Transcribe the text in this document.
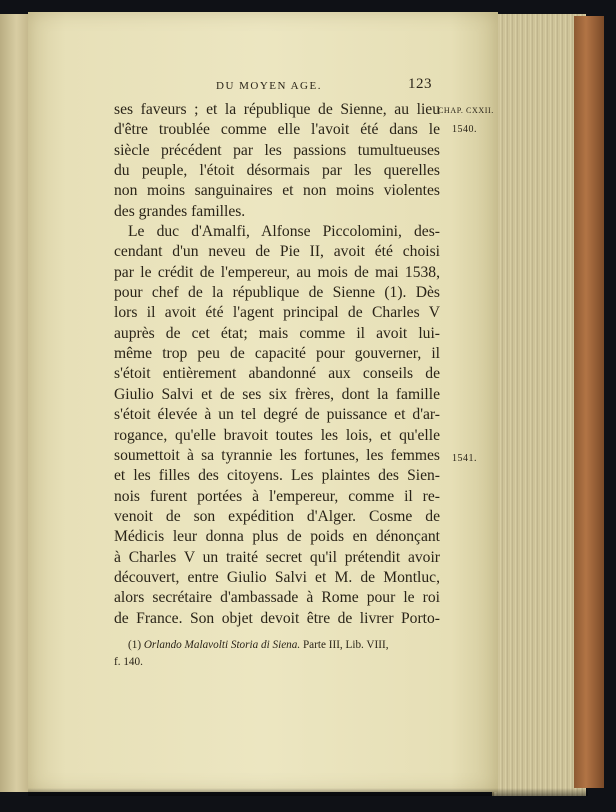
DU MOYEN AGE.	123
CHAP. CXXII.
1540.
1541.
ses faveurs ; et la république de Sienne, au lieu
d'être troublée comme elle l'avoit été dans le
siècle précédent par les passions tumultueuses
du peuple, l'étoit désormais par les querelles
non moins sanguinaires et non moins violentes
des grandes familles.
Le duc d'Amalfi, Alfonse Piccolomini, des-
cendant d'un neveu de Pie II, avoit été choisi
par le crédit de l'empereur, au mois de mai 1538,
pour chef de la république de Sienne (1). Dès
lors il avoit été l'agent principal de Charles V
auprès de cet état; mais comme il avoit lui-
même trop peu de capacité pour gouverner, il
s'étoit entièrement abandonné aux conseils de
Giulio Salvi et de ses six frères, dont la famille
s'étoit élevée à un tel degré de puissance et d'ar-
rogance, qu'elle bravoit toutes les lois, et qu'elle
soumettoit à sa tyrannie les fortunes, les femmes
et les filles des citoyens. Les plaintes des Sien-
nois furent portées à l'empereur, comme il re-
venoit de son expédition d'Alger. Cosme de
Médicis leur donna plus de poids en dénonçant
à Charles V un traité secret qu'il prétendit avoir
découvert, entre Giulio Salvi et M. de Montluc,
alors secrétaire d'ambassade à Rome pour le roi
de France. Son objet devoit être de livrer Porto-
(1) Orlando Malavolti Storia di Siena. Parte III, Lib. VIII,
f. 140.
